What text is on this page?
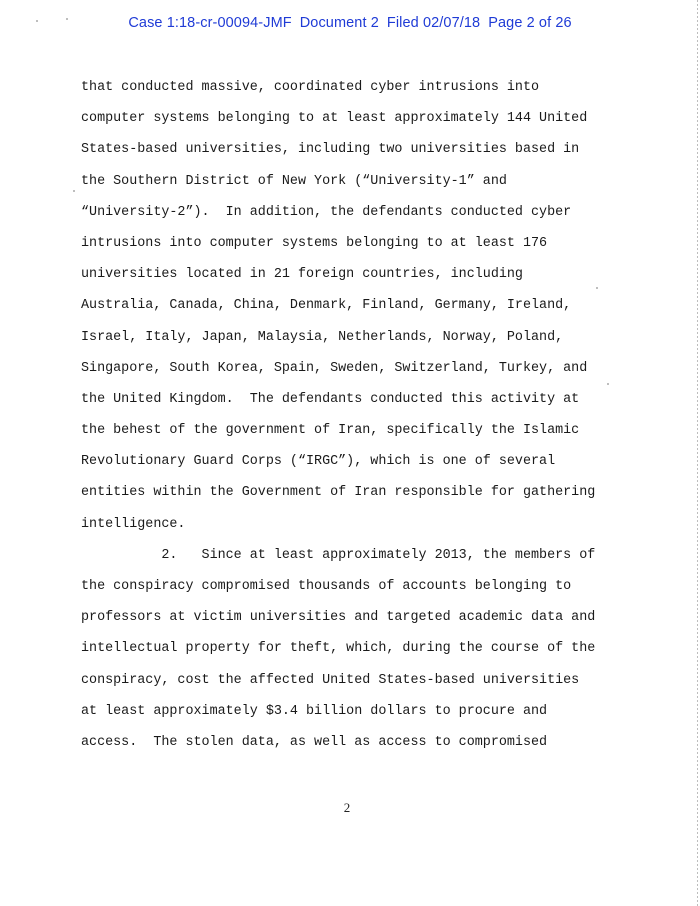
Case 1:18-cr-00094-JMF Document 2 Filed 02/07/18 Page 2 of 26
that conducted massive, coordinated cyber intrusions into
computer systems belonging to at least approximately 144 United
States-based universities, including two universities based in
the Southern District of New York (“University-1” and
“University-2”).  In addition, the defendants conducted cyber
intrusions into computer systems belonging to at least 176
universities located in 21 foreign countries, including
Australia, Canada, China, Denmark, Finland, Germany, Ireland,
Israel, Italy, Japan, Malaysia, Netherlands, Norway, Poland,
Singapore, South Korea, Spain, Sweden, Switzerland, Turkey, and
the United Kingdom.  The defendants conducted this activity at
the behest of the government of Iran, specifically the Islamic
Revolutionary Guard Corps (“IRGC”), which is one of several
entities within the Government of Iran responsible for gathering
intelligence.
2.   Since at least approximately 2013, the members of
the conspiracy compromised thousands of accounts belonging to
professors at victim universities and targeted academic data and
intellectual property for theft, which, during the course of the
conspiracy, cost the affected United States-based universities
at least approximately $3.4 billion dollars to procure and
access.  The stolen data, as well as access to compromised
2
